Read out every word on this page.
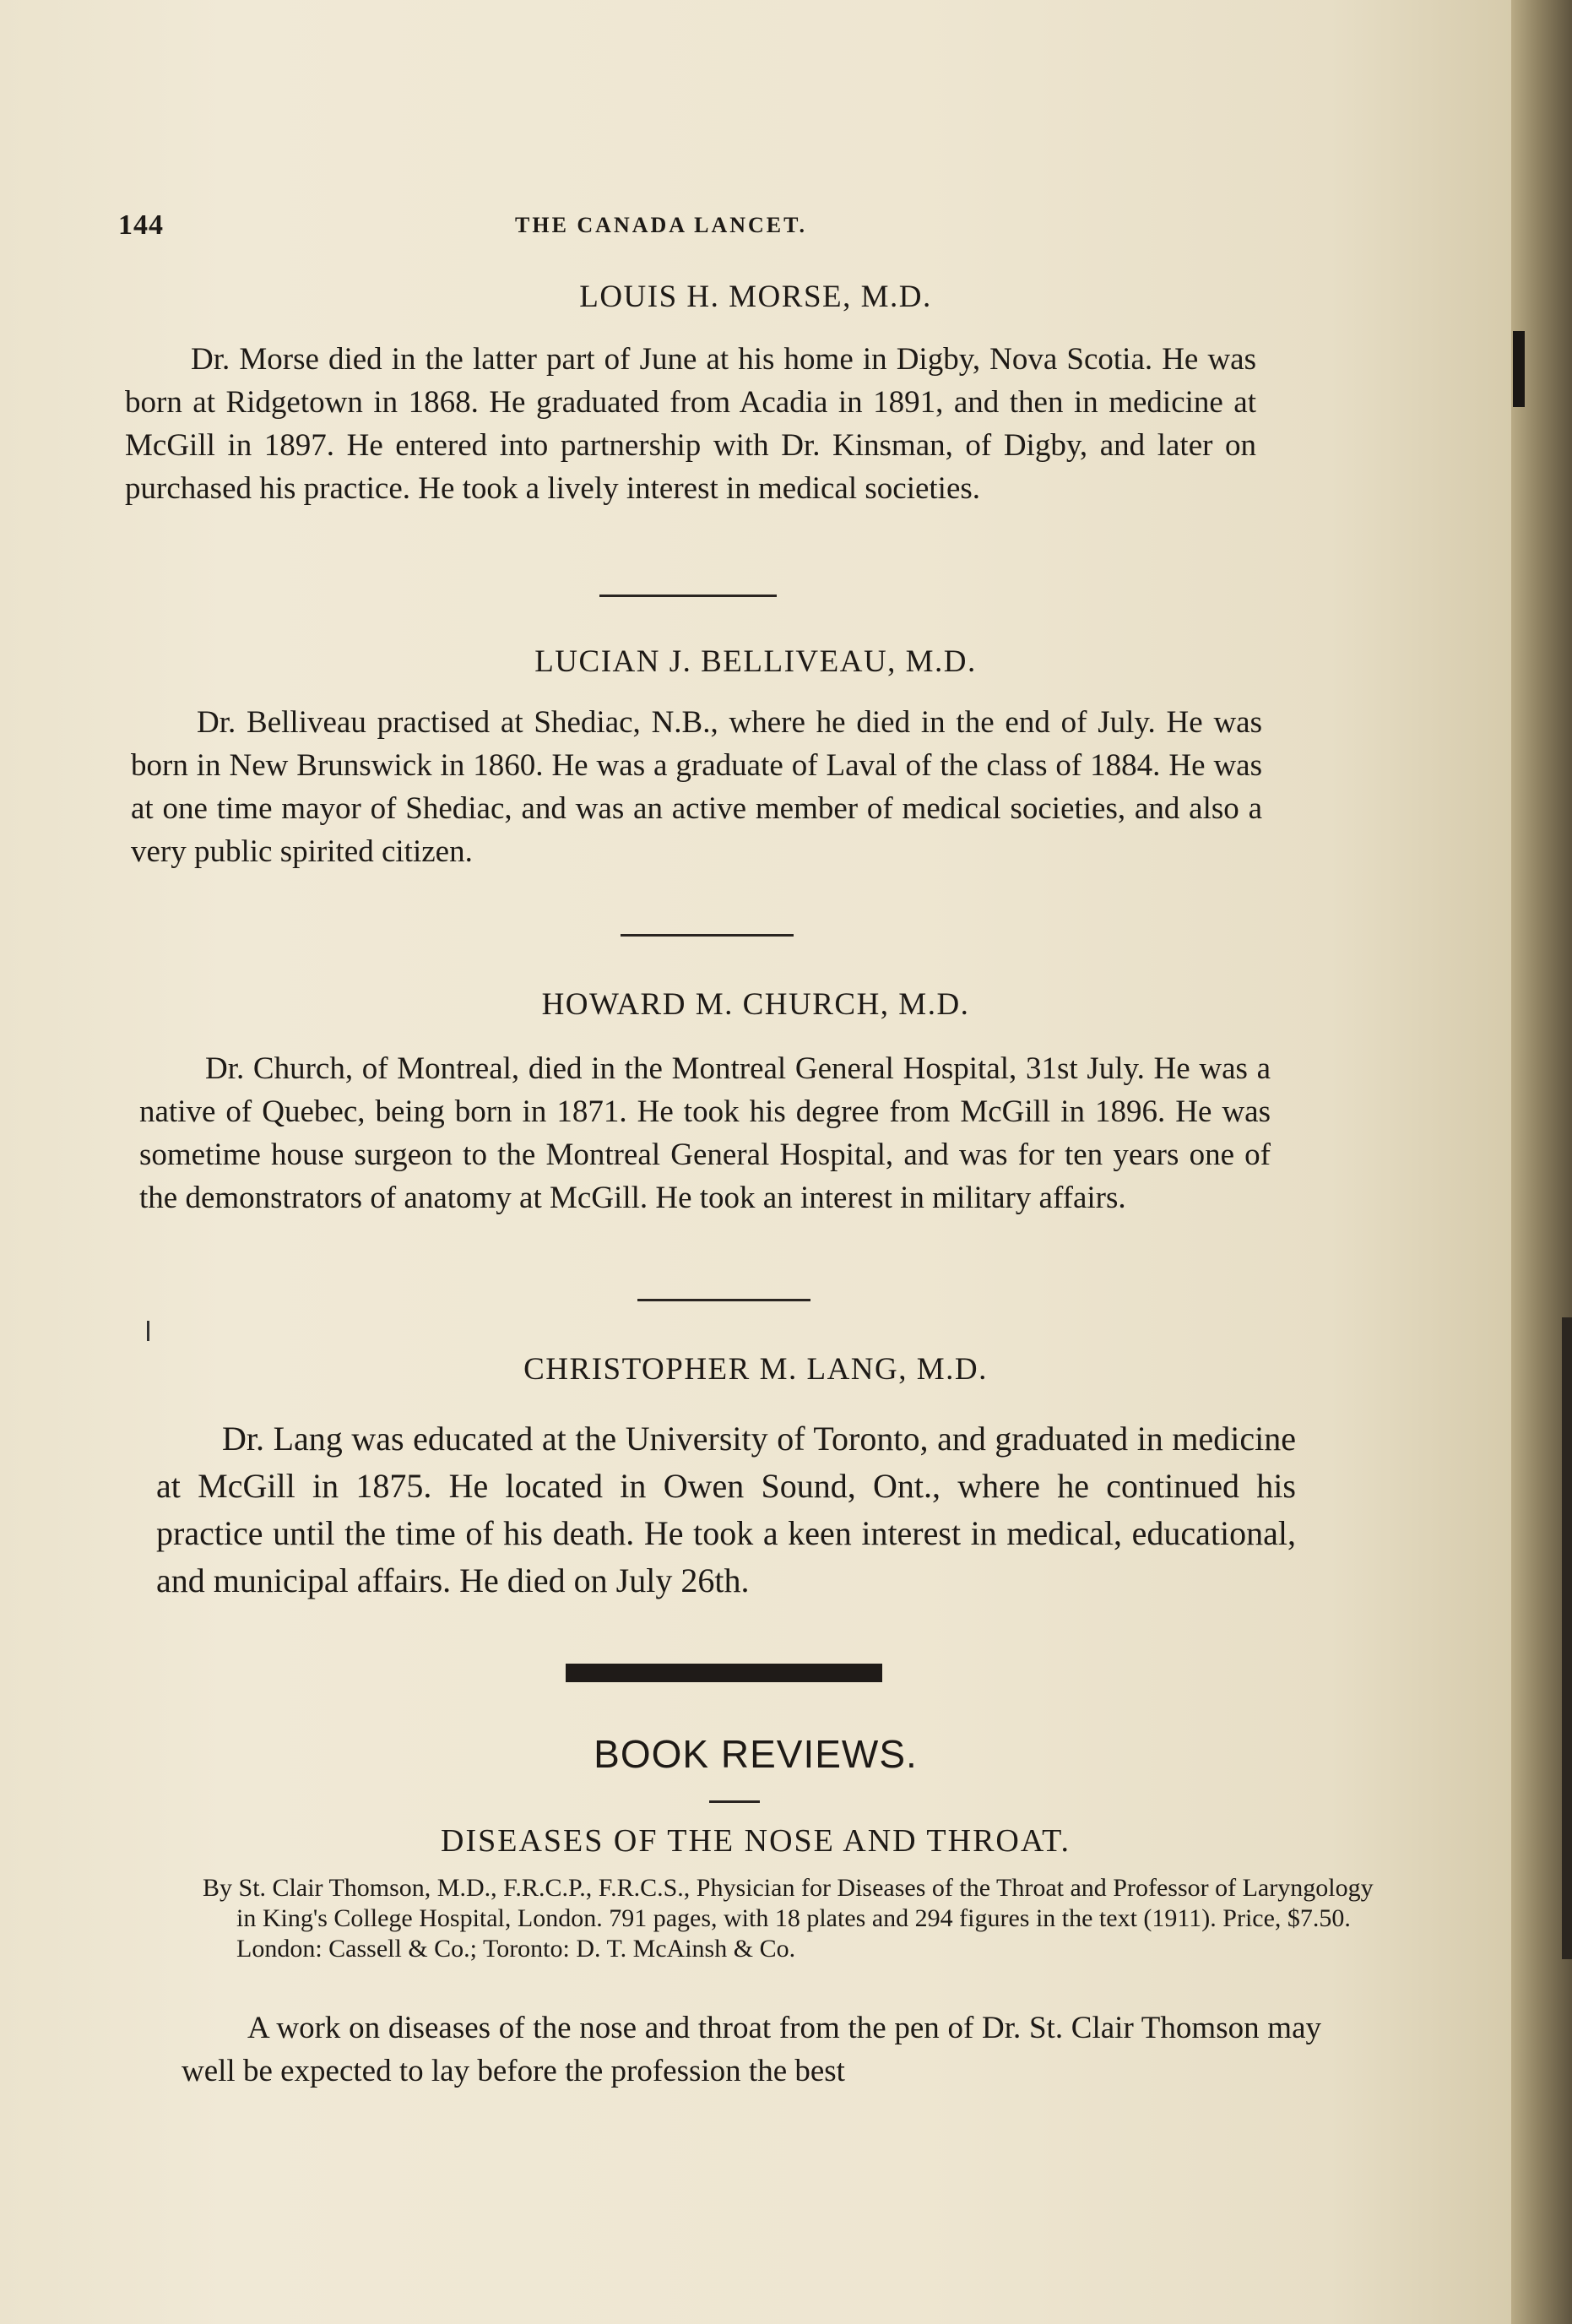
144	THE CANADA LANCET.
LOUIS H. MORSE, M.D.

Dr. Morse died in the latter part of June at his home in Digby, Nova Scotia. He was born at Ridgetown in 1868. He graduated from Acadia in 1891, and then in medicine at McGill in 1897. He entered into partnership with Dr. Kinsman, of Digby, and later on purchased his practice. He took a lively interest in medical societies.

LUCIAN J. BELLIVEAU, M.D.

Dr. Belliveau practised at Shediac, N.B., where he died in the end of July. He was born in New Brunswick in 1860. He was a graduate of Laval of the class of 1884. He was at one time mayor of Shediac, and was an active member of medical societies, and also a very public spirited citizen.

HOWARD M. CHURCH, M.D.

Dr. Church, of Montreal, died in the Montreal General Hospital, 31st July. He was a native of Quebec, being born in 1871. He took his degree from McGill in 1896. He was sometime house surgeon to the Montreal General Hospital, and was for ten years one of the demonstrators of anatomy at McGill. He took an interest in military affairs.

CHRISTOPHER M. LANG, M.D.

Dr. Lang was educated at the University of Toronto, and graduated in medicine at McGill in 1875. He located in Owen Sound, Ont., where he continued his practice until the time of his death. He took a keen interest in medical, educational, and municipal affairs. He died on July 26th.

BOOK REVIEWS.
DISEASES OF THE NOSE AND THROAT.

By St. Clair Thomson, M.D., F.R.C.P., F.R.C.S., Physician for Diseases of the Throat and Professor of Laryngology in King's College Hospital, London. 791 pages, with 18 plates and 294 figures in the text (1911). Price, $7.50. London: Cassell & Co.; Toronto: D. T. McAinsh & Co.

A work on diseases of the nose and throat from the pen of Dr. St. Clair Thomson may well be expected to lay before the profession the best
